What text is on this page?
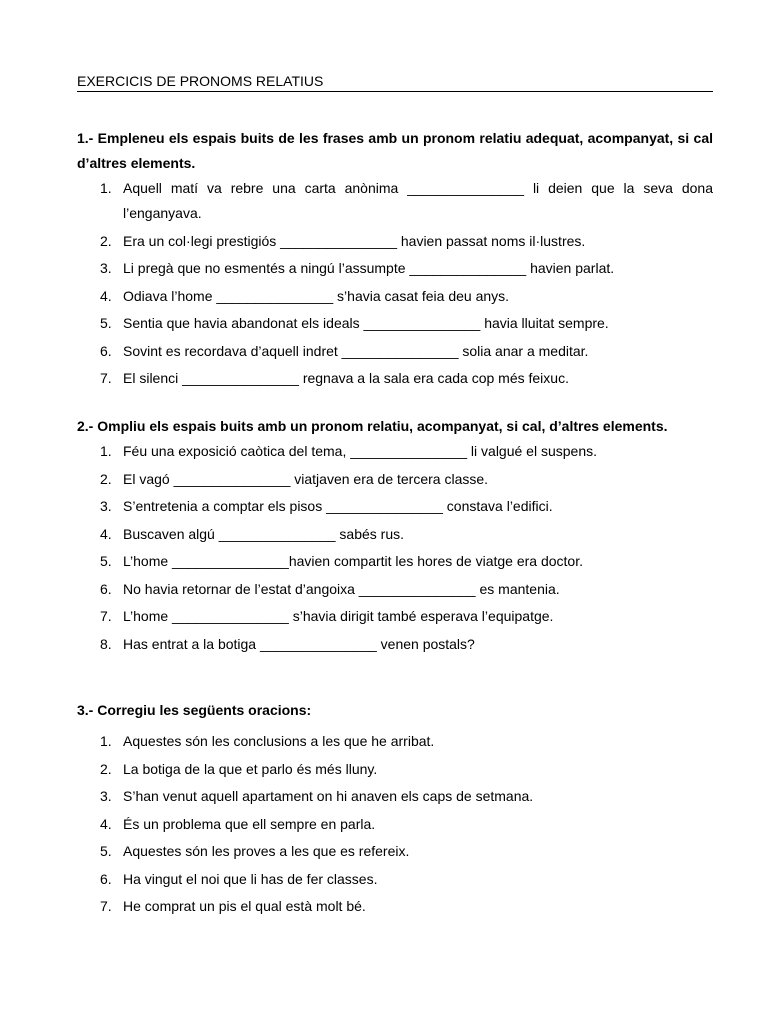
EXERCICIS DE PRONOMS RELATIUS
1.- Empleneu els espais buits de les frases amb un pronom relatiu adequat, acompanyat, si cal d’altres elements.
1. Aquell matí va rebre una carta anònima _______________ li deien que la seva dona l’enganyava.
2. Era un col·legi prestigiós _______________ havien passat noms il·lustres.
3. Li pregà que no esmentés a ningú l’assumpte _______________ havien parlat.
4. Odiava l’home _______________ s’havia casat feia deu anys.
5. Sentia que havia abandonat els ideals _______________ havia lluitat sempre.
6. Sovint es recordava d’aquell indret _______________ solia anar a meditar.
7. El silenci _______________ regnava a la sala era cada cop més feixuc.
2.- Ompliu els espais buits amb un pronom relatiu, acompanyat, si cal, d’altres elements.
1. Féu una exposició caòtica del tema, _______________ li valgué el suspens.
2. El vagó _______________ viatjaven era de tercera classe.
3. S’entretenia a comptar els pisos _______________ constava l’edifici.
4. Buscaven algú _______________ sabés rus.
5. L’home _______________havien compartit les hores de viatge era doctor.
6. No havia retornar de l’estat d’angoixa _______________ es mantenia.
7. L’home _______________ s’havia dirigit també esperava l’equipatge.
8. Has entrat a la botiga _______________ venen postals?
3.- Corregiu les següents oracions:
1. Aquestes són les conclusions a les que he arribat.
2. La botiga de la que et parlo és més lluny.
3. S’han venut aquell apartament on hi anaven els caps de setmana.
4. És un problema que ell sempre en parla.
5. Aquestes són les proves a les que es refereix.
6. Ha vingut el noi que li has de fer classes.
7. He comprat un pis el qual està molt bé.
